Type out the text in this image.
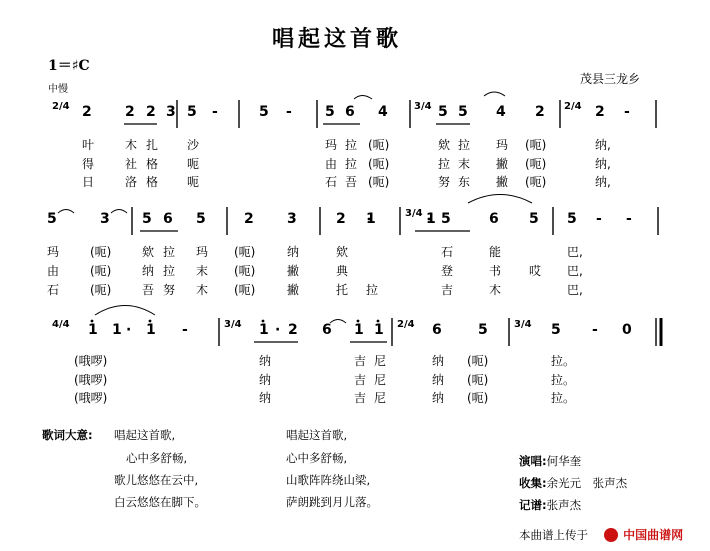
唱起这首歌
1＝♯C
中慢
茂县三龙乡
2/4	3/4	2/4
2 2 2 3 5 -	5 - 5 6 4	5 5 4 2	2 -
叶	木 扎 沙	玛 拉 (呃)	欸 拉 玛 (呃)	纳,
得	社 格 呃	由 拉 (呃)	拉 末 撇 (呃)	纳,
日	洛 格 呃	石 吾 (呃)	努 东 撇 (呃)	纳,
3/4
5	3 5 6 5	2 3	2 1	1 5	6 5 5 - -
玛	(呃)	欸 拉 玛 (呃)	纳	欸	石	能	巴,
由	(呃)	纳 拉 末 (呃)	撇	典	登	书 哎 巴,
石	(呃)	吾 努 木 (呃)	撇	托 拉	吉	木	巴,
4/4	3/4	2/4	3/4
1 1 · 1 -	1 · 2 6 1 1	6	5	5 - 0
(哦啰)	纳	吉 尼	纳 (呃)	拉。
(哦啰)	纳	吉 尼	纳 (呃)	拉。
(哦啰)	纳	吉 尼	纳 (呃)	拉。
歌词大意: 唱起这首歌,
心中多舒畅,
歌儿悠悠在云中,
白云悠悠在脚下。
唱起这首歌,
心中多舒畅,
山歌阵阵绕山梁,
萨朗跳到月儿落。
演唱:何华奎
收集:余光元　张声杰
记谱:张声杰
本曲谱上传于	中国曲谱网
